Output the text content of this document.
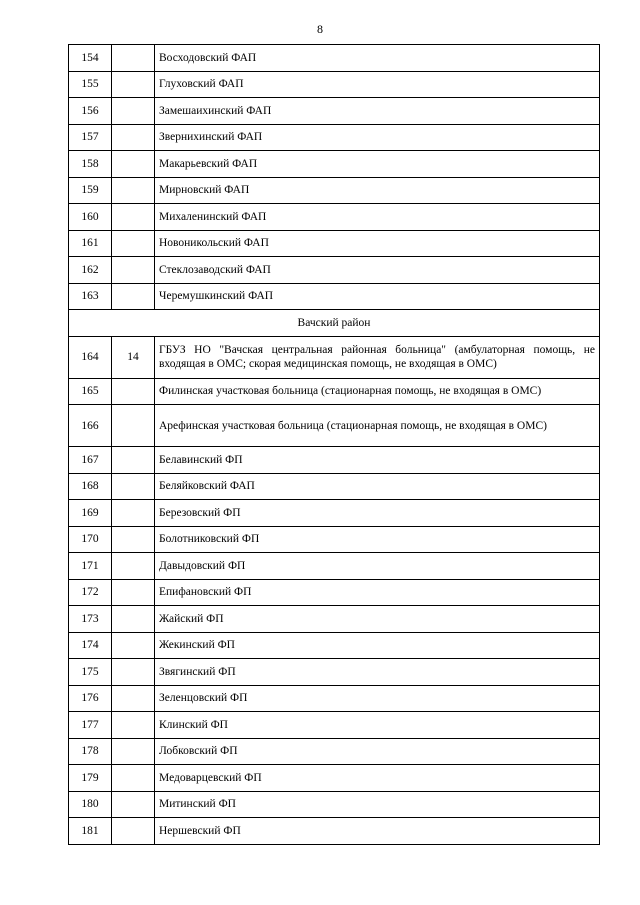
8
154		Восходовский ФАП
155		Глуховский ФАП
156		Замешаихинский ФАП
157		Звернихинский ФАП
158		Макарьевский ФАП
159		Мирновский ФАП
160		Михаленинский ФАП
161		Новоникольский ФАП
162		Стеклозаводский ФАП
163		Черемушкинский ФАП
Вачский район		
164	14	ГБУЗ НО "Вачская центральная районная больница" (амбулаторная помощь, не входящая в ОМС; скорая медицинская помощь, не входящая в ОМС)
165		Филинская участковая больница (стационарная помощь, не входящая в ОМС)
166		Арефинская участковая больница (стационарная помощь, не входящая в ОМС)
167		Белавинский ФП
168		Беляйковский ФАП
169		Березовский ФП
170		Болотниковский ФП
171		Давыдовский ФП
172		Епифановский ФП
173		Жайский ФП
174		Жекинский ФП
175		Звягинский ФП
176		Зеленцовский ФП
177		Клинский ФП
178		Лобковский ФП
179		Медоварцевский ФП
180		Митинский ФП
181		Нершевский ФП
